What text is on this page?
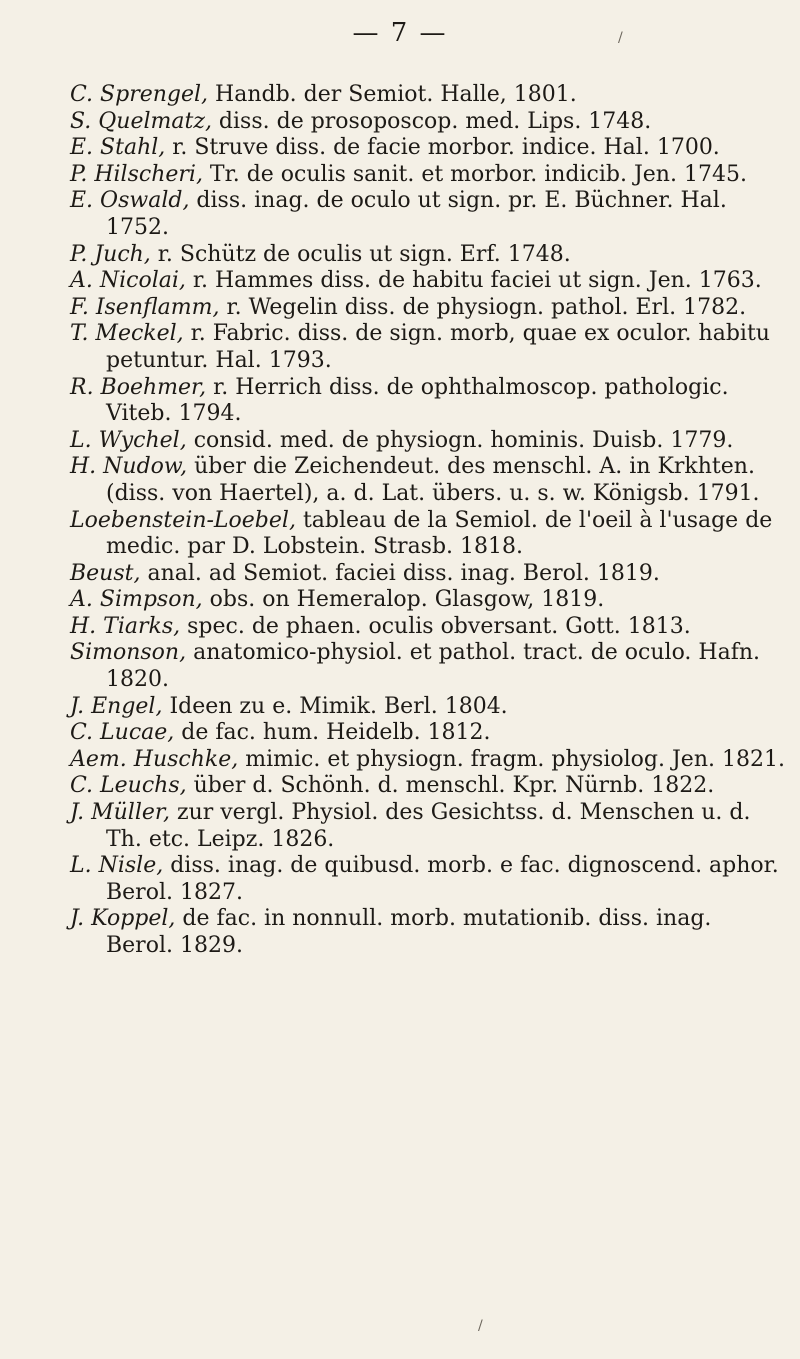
— 7 —	/
/

C. Sprengel, Handb. der Semiot. Halle, 1801.

S. Quelmatz, diss. de prosoposcop. med. Lips. 1748.

E. Stahl, r. Struve diss. de facie morbor. indice. Hal. 1700.

P. Hilscheri, Tr. de oculis sanit. et morbor. indicib. Jen. 1745.

E. Oswald, diss. inag. de oculo ut sign. pr. E. Büchner. Hal. 1752.

P. Juch, r. Schütz de oculis ut sign. Erf. 1748.

A. Nicolai, r. Hammes diss. de habitu faciei ut sign. Jen. 1763.

F. Isenflamm, r. Wegelin diss. de physiogn. pathol. Erl. 1782.

T. Meckel, r. Fabric. diss. de sign. morb, quae ex oculor. habitu petuntur. Hal. 1793.

R. Boehmer, r. Herrich diss. de ophthalmoscop. pathologic. Viteb. 1794.

L. Wychel, consid. med. de physiogn. hominis. Duisb. 1779.

H. Nudow, über die Zeichendeut. des menschl. A. in Krkhten. (diss. von Haertel), a. d. Lat. übers. u. s. w. Königsb. 1791.

Loebenstein-Loebel, tableau de la Semiol. de l'oeil à l'usage de medic. par D. Lobstein. Strasb. 1818.

Beust, anal. ad Semiot. faciei diss. inag. Berol. 1819.

A. Simpson, obs. on Hemeralop. Glasgow, 1819.

H. Tiarks, spec. de phaen. oculis obversant. Gott. 1813.

Simonson, anatomico-physiol. et pathol. tract. de oculo. Hafn. 1820.

J. Engel, Ideen zu e. Mimik. Berl. 1804.

C. Lucae, de fac. hum. Heidelb. 1812.

Aem. Huschke, mimic. et physiogn. fragm. physiolog. Jen. 1821.

C. Leuchs, über d. Schönh. d. menschl. Kpr. Nürnb. 1822.

J. Müller, zur vergl. Physiol. des Gesichtss. d. Menschen u. d. Th. etc. Leipz. 1826.

L. Nisle, diss. inag. de quibusd. morb. e fac. dignoscend. aphor. Berol. 1827.

J. Koppel, de fac. in nonnull. morb. mutationib. diss. inag. Berol. 1829.
